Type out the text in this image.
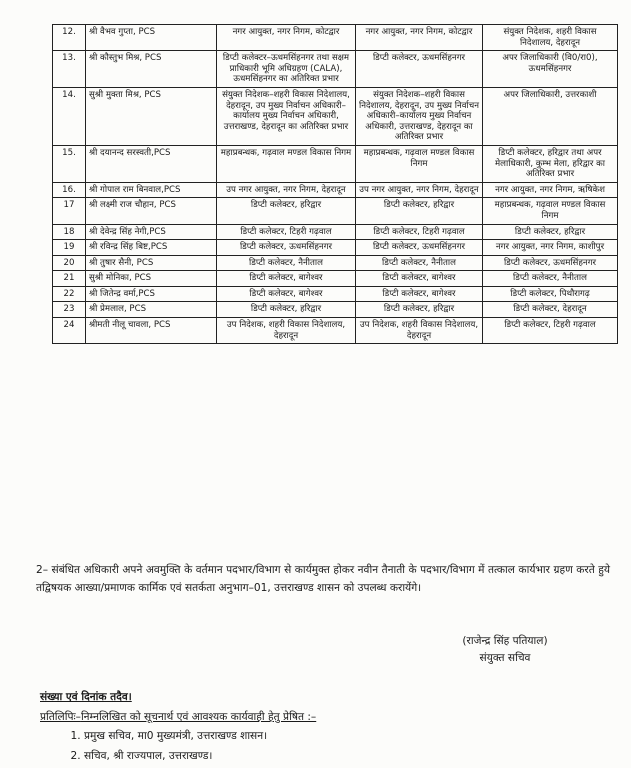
12.	श्री वैभव गुप्ता, PCS	नगर आयुक्त, नगर निगम, कोटद्वार	नगर आयुक्त, नगर निगम, कोटद्वार	संयुक्त निदेशक, शहरी विकास निदेशालय, देहरादून
13.	श्री कौस्तुभ मिश्र, PCS	डिप्टी कलेक्टर–ऊधमसिंहनगर तथा सक्षम प्राधिकारी भूमि अधिग्रहण (CALA), ऊधमसिंहनगर का अतिरिक्त प्रभार	डिप्टी कलेक्टर, ऊधमसिंहनगर	अपर जिलाधिकारी (वि0/रा0), ऊधमसिंहनगर
14.	सुश्री मुक्ता मिश्र, PCS	संयुक्त निदेशक–शहरी विकास निदेशालय, देहरादून, उप मुख्य निर्वाचन अधिकारी–कार्यालय मुख्य निर्वाचन अधिकारी, उत्तराखण्ड, देहरादून का अतिरिक्त प्रभार	संयुक्त निदेशक–शहरी विकास निदेशालय, देहरादून, उप मुख्य निर्वाचन अधिकारी–कार्यालय मुख्य निर्वाचन अधिकारी, उत्तराखण्ड, देहरादून का अतिरिक्त प्रभार	अपर जिलाधिकारी, उत्तरकाशी
15.	श्री दयानन्द सरस्वती,PCS	महाप्रबन्धक, गढ़वाल मण्डल विकास निगम	महाप्रबन्धक, गढ़वाल मण्डल विकास निगम	डिप्टी कलेक्टर, हरिद्वार तथा अपर मेलाधिकारी, कुम्भ मेला, हरिद्वार का अतिरिक्त प्रभार
16.	श्री गोपाल राम बिनवाल,PCS	उप नगर आयुक्त, नगर निगम, देहरादून	उप नगर आयुक्त, नगर निगम, देहरादून	नगर आयुक्त, नगर निगम, ऋषिकेश
17	श्री लक्ष्मी राज चौहान, PCS	डिप्टी कलेक्टर, हरिद्वार	डिप्टी कलेक्टर, हरिद्वार	महाप्रबन्धक, गढ़वाल मण्डल विकास निगम
18	श्री देवेन्द्र सिंह नेगी,PCS	डिप्टी कलेक्टर, टिहरी गढ़वाल	डिप्टी कलेक्टर, टिहरी गढ़वाल	डिप्टी कलेक्टर, हरिद्वार
19	श्री रविन्द्र सिंह बिष्ट,PCS	डिप्टी कलेक्टर, ऊधमसिंहनगर	डिप्टी कलेक्टर, ऊधमसिंहनगर	नगर आयुक्त, नगर निगम, काशीपुर
20	श्री तुषार सैनी, PCS	डिप्टी कलेक्टर, नैनीताल	डिप्टी कलेक्टर, नैनीताल	डिप्टी कलेक्टर, ऊधमसिंहनगर
21	सुश्री मोनिका, PCS	डिप्टी कलेक्टर, बागेश्वर	डिप्टी कलेक्टर, बागेश्वर	डिप्टी कलेक्टर, नैनीताल
22	श्री जितेन्द्र वर्मा,PCS	डिप्टी कलेक्टर, बागेश्वर	डिप्टी कलेक्टर, बागेश्वर	डिप्टी कलेक्टर, पिथौरागढ़
23	श्री प्रेमलाल, PCS	डिप्टी कलेक्टर, हरिद्वार	डिप्टी कलेक्टर, हरिद्वार	डिप्टी कलेक्टर, देहरादून
24	श्रीमती नीलू चावला, PCS	उप निदेशक, शहरी विकास निदेशालय, देहरादून	उप निदेशक, शहरी विकास निदेशालय, देहरादून	डिप्टी कलेक्टर, टिहरी गढ़वाल
2– संबंधित अधिकारी अपने अवमुक्ति के वर्तमान पदभार/विभाग से कार्यमुक्त होकर नवीन तैनाती के पदभार/विभाग में तत्काल कार्यभार ग्रहण करते हुये तद्विषयक आख्या/प्रमाणक कार्मिक एवं सतर्कता अनुभाग–01, उत्तराखण्ड शासन को उपलब्ध करायेंगे।
(राजेन्द्र सिंह पतियाल)
संयुक्त सचिव
संख्या एवं दिनांक तदैव।
प्रतिलिपिः–निम्नलिखित को सूचनार्थ एवं आवश्यक कार्यवाही हेतु प्रेषित :–
1. प्रमुख सचिव, मा0 मुख्यमंत्री, उत्तराखण्ड शासन।
2. सचिव, श्री राज्यपाल, उत्तराखण्ड।
